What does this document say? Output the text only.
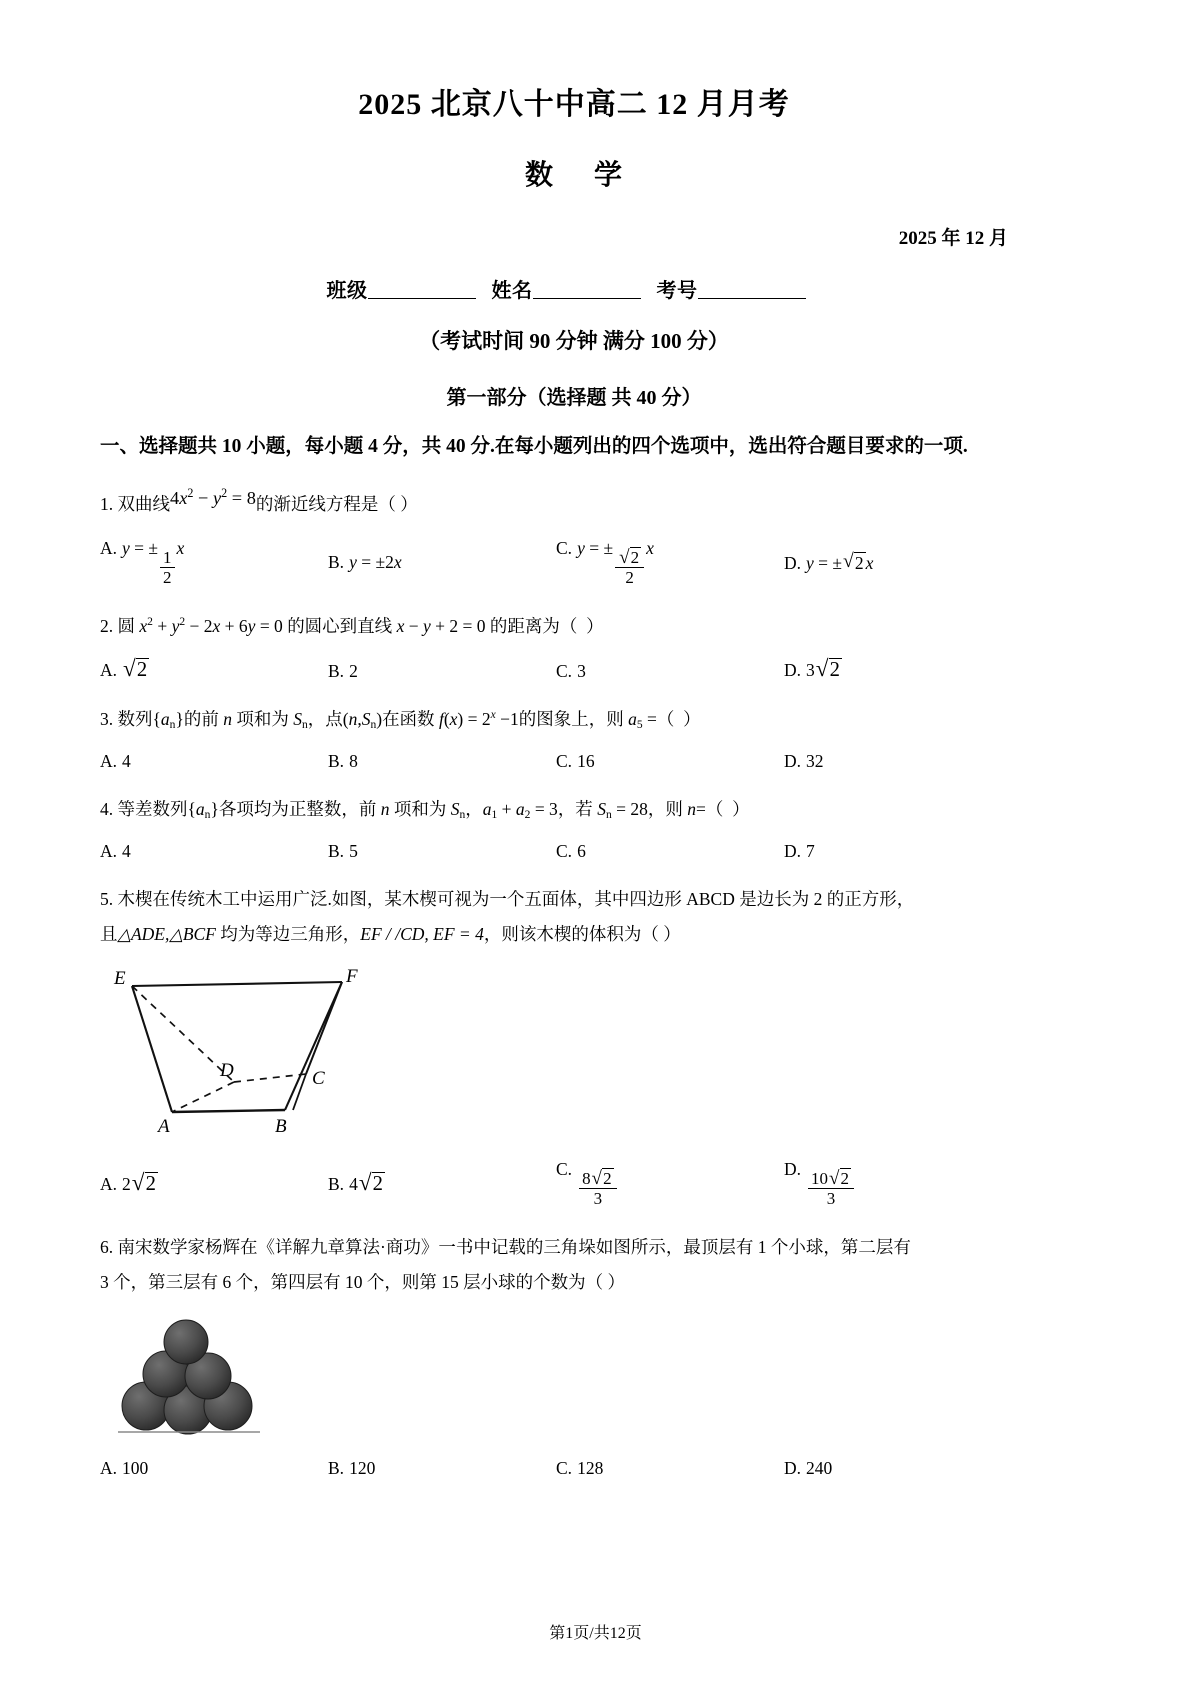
2025 北京八十中高二 12 月月考
数 学
2025 年 12 月
班级	姓名	考号
（考试时间 90 分钟 满分 100 分）
第一部分（选择题 共 40 分）
一、选择题共 10 小题，每小题 4 分，共 40 分.在每小题列出的四个选项中，选出符合题目要求的一项.
1. 双曲线$4x^2 - y^2 = 8$的渐近线方程是（ ）
A. y = ±
$\frac{1}{2}$
x
B. y = ±2x
C. y = ± $\frac{√ 2}{2}$ x
D. y = ± √ 2 x
2. 圆 $x^2 + y^2 - 2x + 6y = 0$ 的圆心到直线 x − y + 2 = 0 的距离为（  ）
A. √ 2	B. 2	C. 3	D. 3 √ 2
3. 数列$\{a_n\}$的前 n 项和为 $S_n$，点$(n,S_n)$在函数 $f(x) = 2^x -1$的图象上，则 $a_5$ =（  ）
A. 4	B. 8	C. 16	D. 32
4. 等差数列$\{a_n\}$各项均为正整数，前 n 项和为 $S_n$，$a_1 + a_2 = 3$，若 $S_n = 28$，则 n=（  ）
A. 4	B. 5	C. 6	D. 7
5. 木楔在传统木工中运用广泛.如图，某木楔可视为一个五面体，其中四边形 ABCD 是边长为 2 的正方形，
且△ADE,△BCF 均为等边三角形，EF / /CD, EF = 4，则该木楔的体积为（ ）
E	F
D	C
A	B
A. 2 √ 2	B. 4 √ 2
C. $\frac{8 √ 2}{3}$	D. $\frac{10 √ 2}{3}$
6. 南宋数学家杨辉在《详解九章算法·商功》一书中记载的三角垛如图所示，最顶层有 1 个小球，第二层有
3 个，第三层有 6 个，第四层有 10 个，则第 15 层小球的个数为（ ）
A. 100	B. 120	C. 128	D. 240
第1页/共12页
